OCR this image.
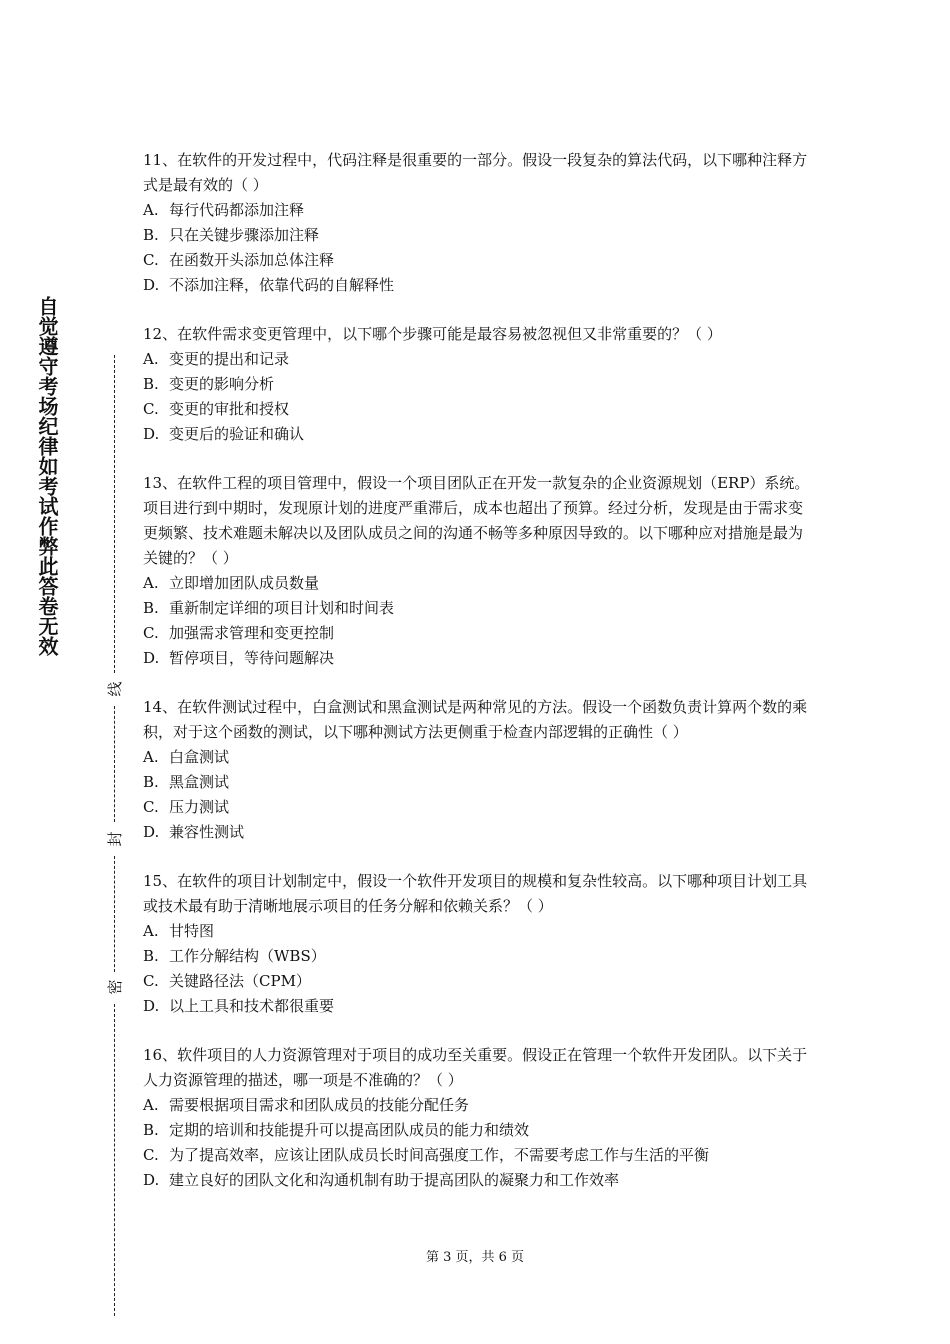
自觉遵守考场纪律如考试作弊此答卷无效
线
封
密

11、在软件的开发过程中，代码注释是很重要的一部分。假设一段复杂的算法代码，以下哪种注释方式是最有效的（ ）

A. 每行代码都添加注释

B. 只在关键步骤添加注释

C. 在函数开头添加总体注释

D. 不添加注释，依靠代码的自解释性

12、在软件需求变更管理中，以下哪个步骤可能是最容易被忽视但又非常重要的？（ ）

A. 变更的提出和记录

B. 变更的影响分析

C. 变更的审批和授权

D. 变更后的验证和确认

13、在软件工程的项目管理中，假设一个项目团队正在开发一款复杂的企业资源规划（ERP）系统。项目进行到中期时，发现原计划的进度严重滞后，成本也超出了预算。经过分析，发现是由于需求变更频繁、技术难题未解决以及团队成员之间的沟通不畅等多种原因导致的。以下哪种应对措施是最为关键的？（ ）

A. 立即增加团队成员数量

B. 重新制定详细的项目计划和时间表

C. 加强需求管理和变更控制

D. 暂停项目，等待问题解决

14、在软件测试过程中，白盒测试和黑盒测试是两种常见的方法。假设一个函数负责计算两个数的乘积，对于这个函数的测试，以下哪种测试方法更侧重于检查内部逻辑的正确性（ ）

A. 白盒测试

B. 黑盒测试

C. 压力测试

D. 兼容性测试

15、在软件的项目计划制定中，假设一个软件开发项目的规模和复杂性较高。以下哪种项目计划工具或技术最有助于清晰地展示项目的任务分解和依赖关系？（ ）

A. 甘特图

B. 工作分解结构（WBS）

C. 关键路径法（CPM）

D. 以上工具和技术都很重要

16、软件项目的人力资源管理对于项目的成功至关重要。假设正在管理一个软件开发团队。以下关于人力资源管理的描述，哪一项是不准确的？（ ）

A. 需要根据项目需求和团队成员的技能分配任务

B. 定期的培训和技能提升可以提高团队成员的能力和绩效

C. 为了提高效率，应该让团队成员长时间高强度工作，不需要考虑工作与生活的平衡

D. 建立良好的团队文化和沟通机制有助于提高团队的凝聚力和工作效率

第 3 页，共 6 页
